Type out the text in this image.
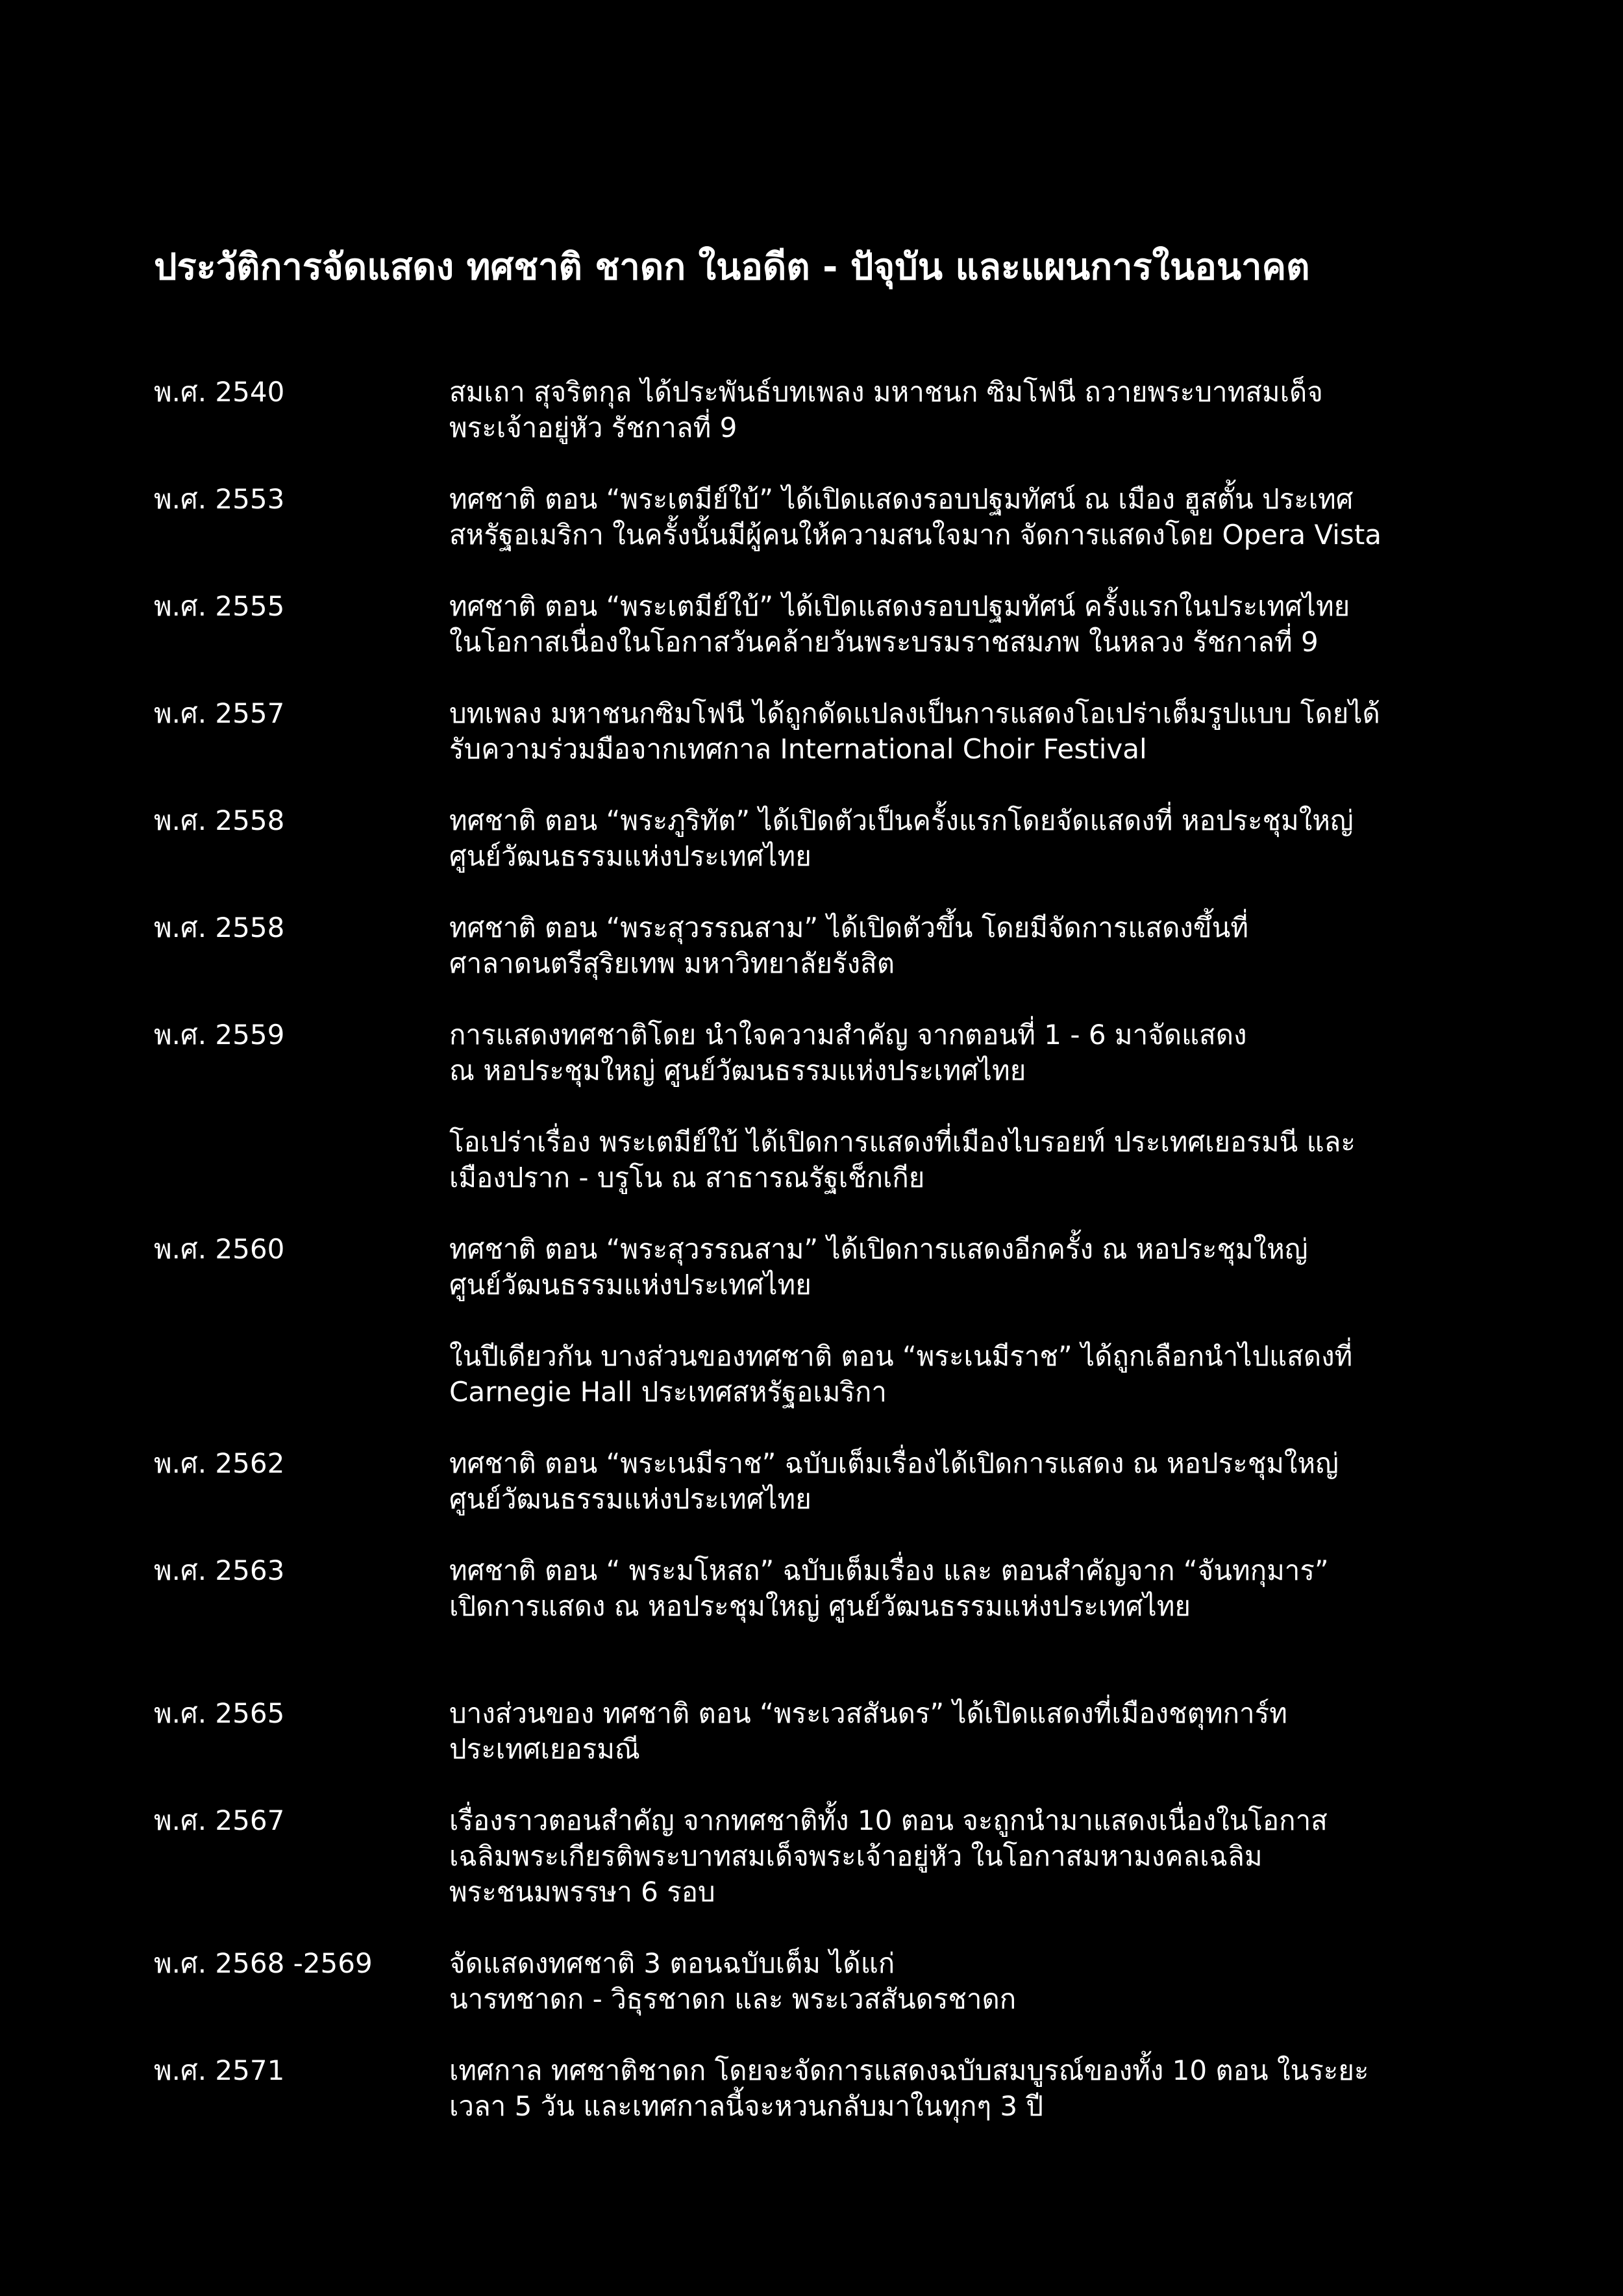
ประวัติการจัดแสดง ทศชาติ ชาดก ในอดีต - ปัจุบัน และแผนการในอนาคต
พ.ศ. 2540	สมเถา สุจริตกุล ได้ประพันธ์บทเพลง มหาชนก ซิมโฟนี ถวายพระบาทสมเด็จ
พระเจ้าอยู่หัว รัชกาลที่ 9
พ.ศ. 2553	ทศชาติ ตอน “พระเตมีย์ใบ้” ได้เปิดแสดงรอบปฐมทัศน์ ณ เมือง ฮูสตั้น ประเทศ
สหรัฐอเมริกา ในครั้งนั้นมีผู้คนให้ความสนใจมาก จัดการแสดงโดย Opera Vista
พ.ศ. 2555	ทศชาติ ตอน “พระเตมีย์ใบ้” ได้เปิดแสดงรอบปฐมทัศน์ ครั้งแรกในประเทศไทย
ในโอกาสเนื่องในโอกาสวันคล้ายวันพระบรมราชสมภพ ในหลวง รัชกาลที่ 9
พ.ศ. 2557	บทเพลง มหาชนกซิมโฟนี ได้ถูกดัดแปลงเป็นการแสดงโอเปร่าเต็มรูปแบบ โดยได้
รับความร่วมมือจากเทศกาล International Choir Festival
พ.ศ. 2558	ทศชาติ ตอน “พระภูริทัต” ได้เปิดตัวเป็นครั้งแรกโดยจัดแสดงที่ หอประชุมใหญ่
ศูนย์วัฒนธรรมแห่งประเทศไทย
พ.ศ. 2558	ทศชาติ ตอน “พระสุวรรณสาม” ได้เปิดตัวขึ้น โดยมีจัดการแสดงขึ้นที่
ศาลาดนตรีสุริยเทพ มหาวิทยาลัยรังสิต
พ.ศ. 2559	การแสดงทศชาติโดย นำใจความสำคัญ จากตอนที่ 1 - 6 มาจัดแสดง
ณ หอประชุมใหญ่ ศูนย์วัฒนธรรมแห่งประเทศไทย
โอเปร่าเรื่อง พระเตมีย์ใบ้ ได้เปิดการแสดงที่เมืองไบรอยท์ ประเทศเยอรมนี และ
เมืองปราก - บรูโน ณ สาธารณรัฐเช็กเกีย
พ.ศ. 2560	ทศชาติ ตอน “พระสุวรรณสาม” ได้เปิดการแสดงอีกครั้ง ณ หอประชุมใหญ่
ศูนย์วัฒนธรรมแห่งประเทศไทย
ในปีเดียวกัน บางส่วนของทศชาติ ตอน “พระเนมีราช” ได้ถูกเลือกนำไปแสดงที่
Carnegie Hall ประเทศสหรัฐอเมริกา
พ.ศ. 2562	ทศชาติ ตอน “พระเนมีราช” ฉบับเต็มเรื่องได้เปิดการแสดง ณ หอประชุมใหญ่
ศูนย์วัฒนธรรมแห่งประเทศไทย
พ.ศ. 2563	ทศชาติ ตอน “ พระมโหสถ” ฉบับเต็มเรื่อง และ ตอนสำคัญจาก “จันทกุมาร”
เปิดการแสดง ณ หอประชุมใหญ่ ศูนย์วัฒนธรรมแห่งประเทศไทย
พ.ศ. 2565	บางส่วนของ ทศชาติ ตอน “พระเวสสันดร” ได้เปิดแสดงที่เมืองชตุทการ์ท
ประเทศเยอรมณี
พ.ศ. 2567	เรื่องราวตอนสำคัญ จากทศชาติทั้ง 10 ตอน จะถูกนำมาแสดงเนื่องในโอกาส
เฉลิมพระเกียรติพระบาทสมเด็จพระเจ้าอยู่หัว ในโอกาสมหามงคลเฉลิม
พระชนมพรรษา 6 รอบ
พ.ศ. 2568 -2569	จัดแสดงทศชาติ 3 ตอนฉบับเต็ม ได้แก่
นารทชาดก - วิธุรชาดก และ พระเวสสันดรชาดก
พ.ศ. 2571	เทศกาล ทศชาติชาดก โดยจะจัดการแสดงฉบับสมบูรณ์ของทั้ง 10 ตอน ในระยะ
เวลา 5 วัน และเทศกาลนี้จะหวนกลับมาในทุกๆ 3 ปี
